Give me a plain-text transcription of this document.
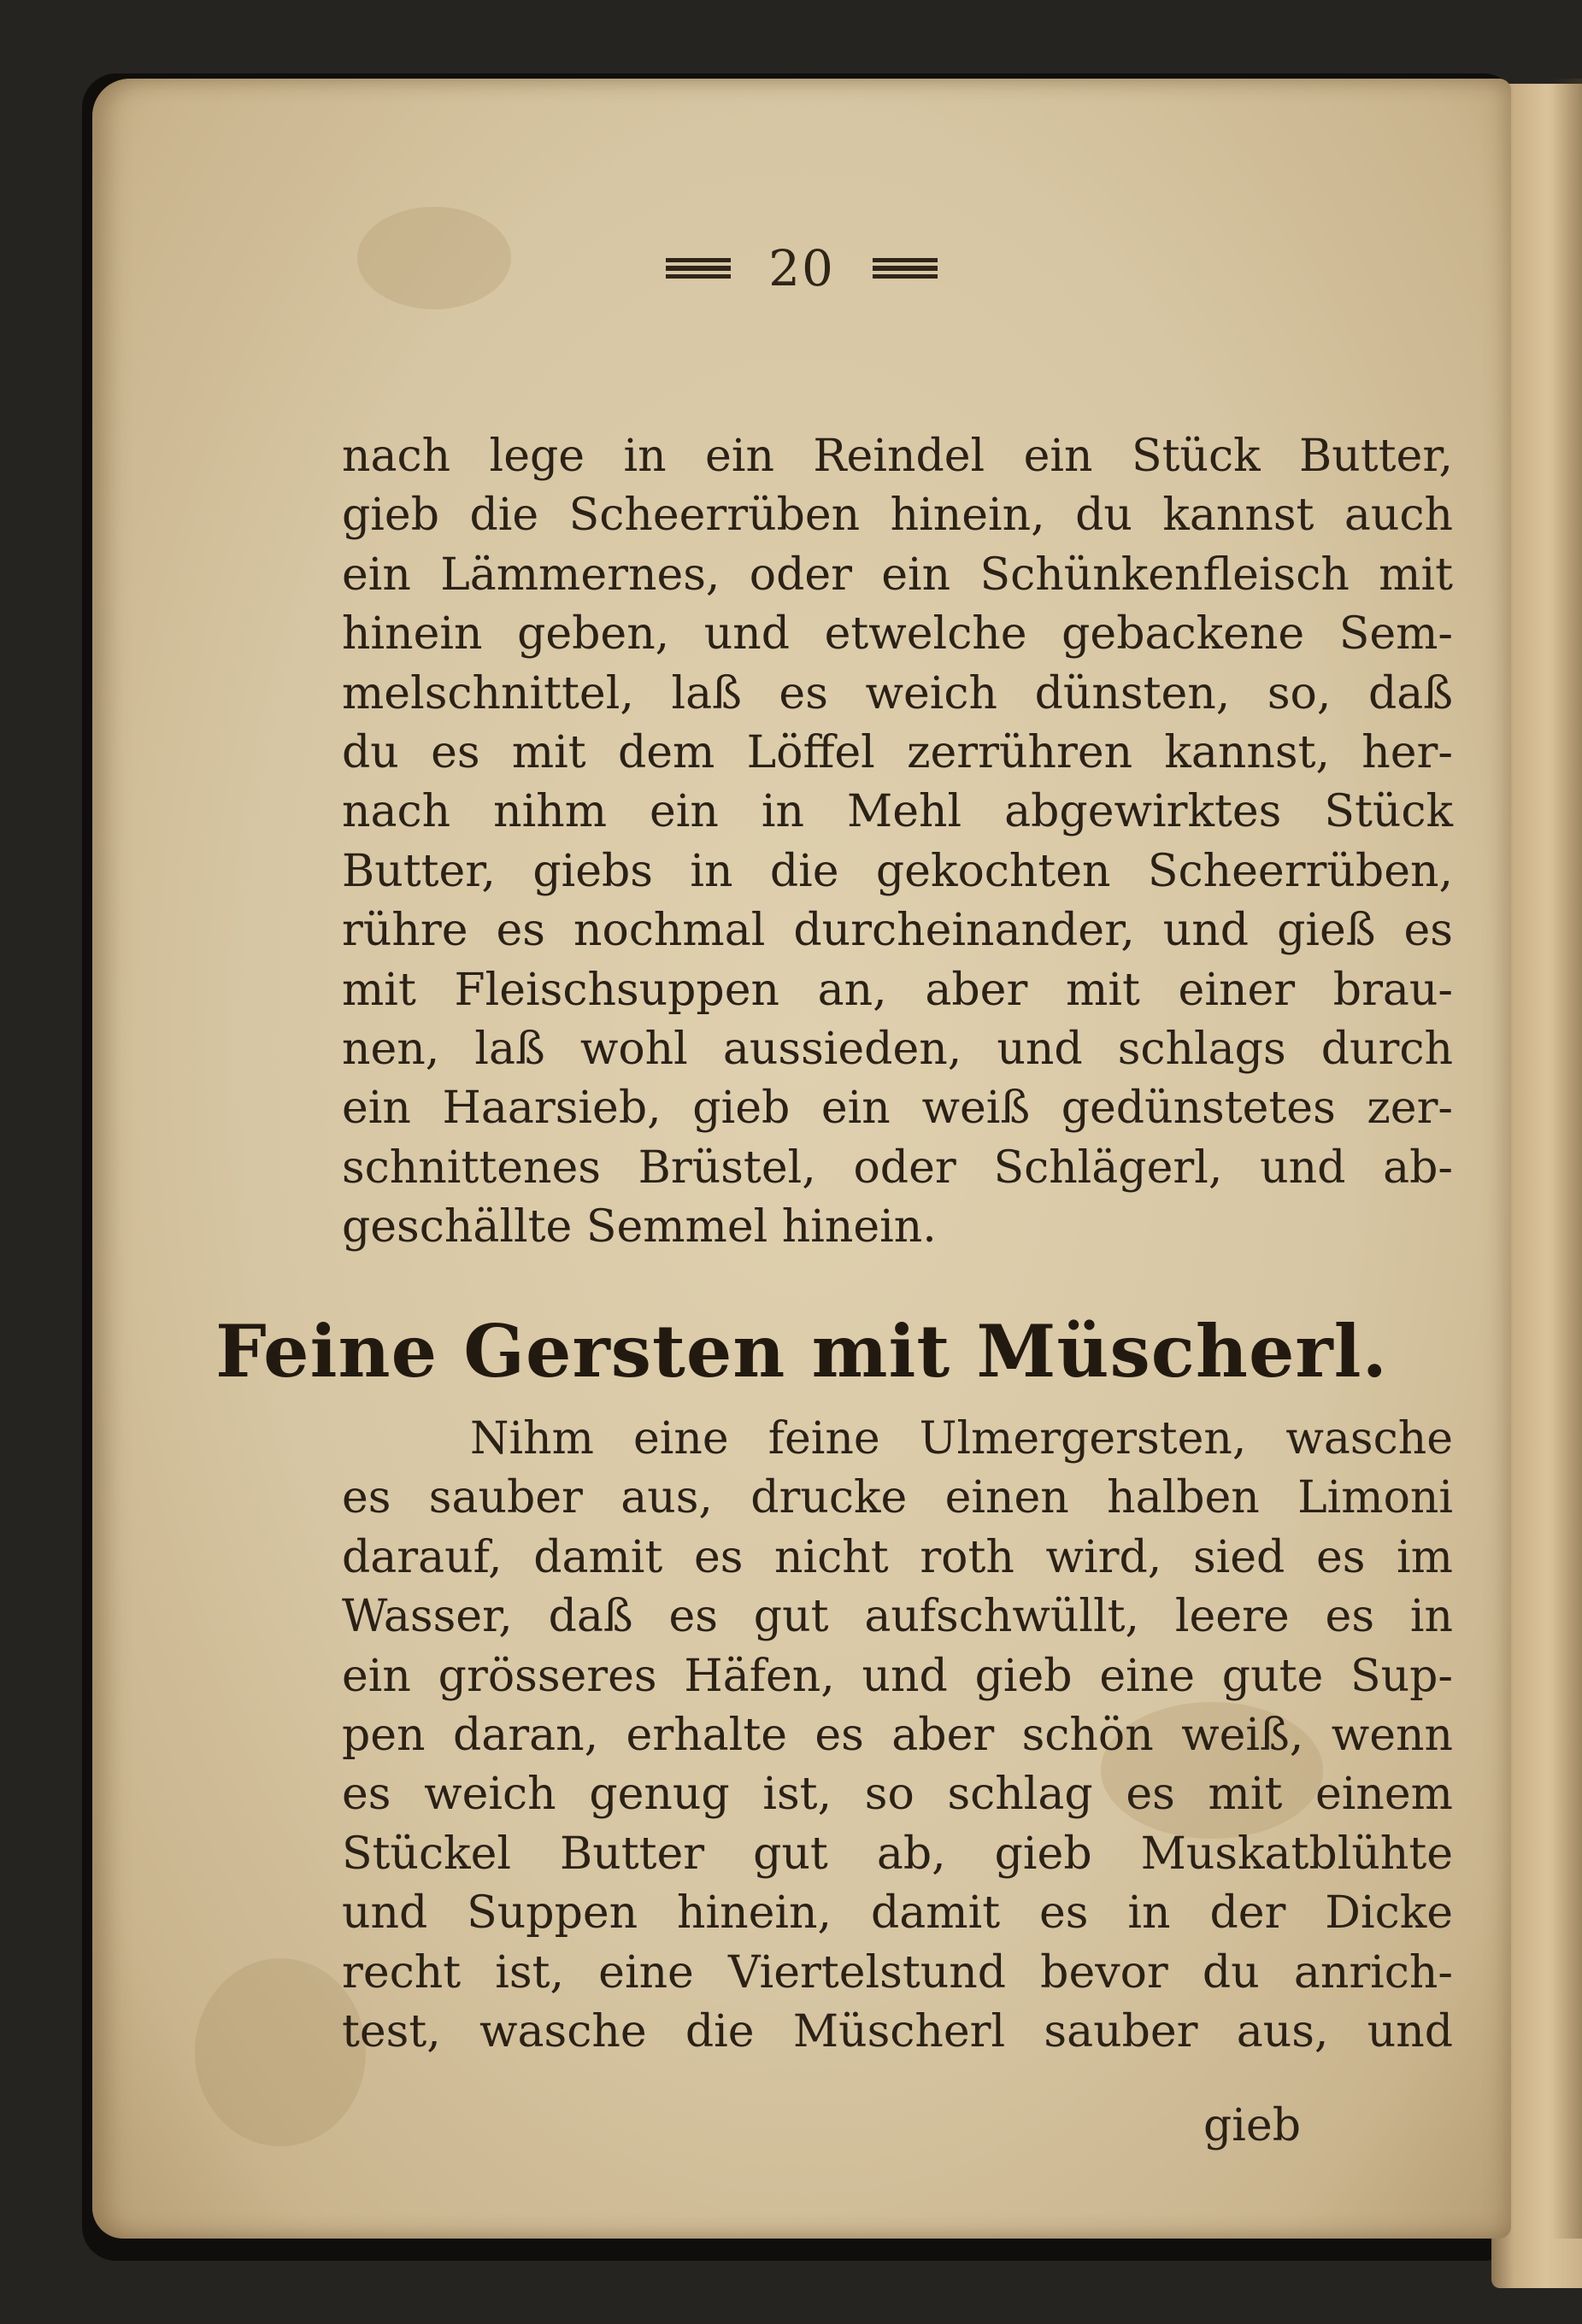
20
nach lege in ein Reindel ein Stück Butter,
gieb die Scheerrüben hinein, du kannst auch
ein Lämmernes, oder ein Schünkenfleisch mit
hinein geben, und etwelche gebackene Sem-
melschnittel, laß es weich dünsten, so, daß
du es mit dem Löffel zerrühren kannst, her-
nach nihm ein in Mehl abgewirktes Stück
Butter, giebs in die gekochten Scheerrüben,
rühre es nochmal durcheinander, und gieß es
mit Fleischsuppen an, aber mit einer brau-
nen, laß wohl aussieden, und schlags durch
ein Haarsieb, gieb ein weiß gedünstetes zer-
schnittenes Brüstel, oder Schlägerl, und ab-
geschällte Semmel hinein.
Feine Gersten mit Müscherl.
Nihm eine feine Ulmergersten, wasche
es sauber aus, drucke einen halben Limoni
darauf, damit es nicht roth wird, sied es im
Wasser, daß es gut aufschwüllt, leere es in
ein grösseres Häfen, und gieb eine gute Sup-
pen daran, erhalte es aber schön weiß, wenn
es weich genug ist, so schlag es mit einem
Stückel Butter gut ab, gieb Muskatblühte
und Suppen hinein, damit es in der Dicke
recht ist, eine Viertelstund bevor du anrich-
test, wasche die Müscherl sauber aus, und
gieb
